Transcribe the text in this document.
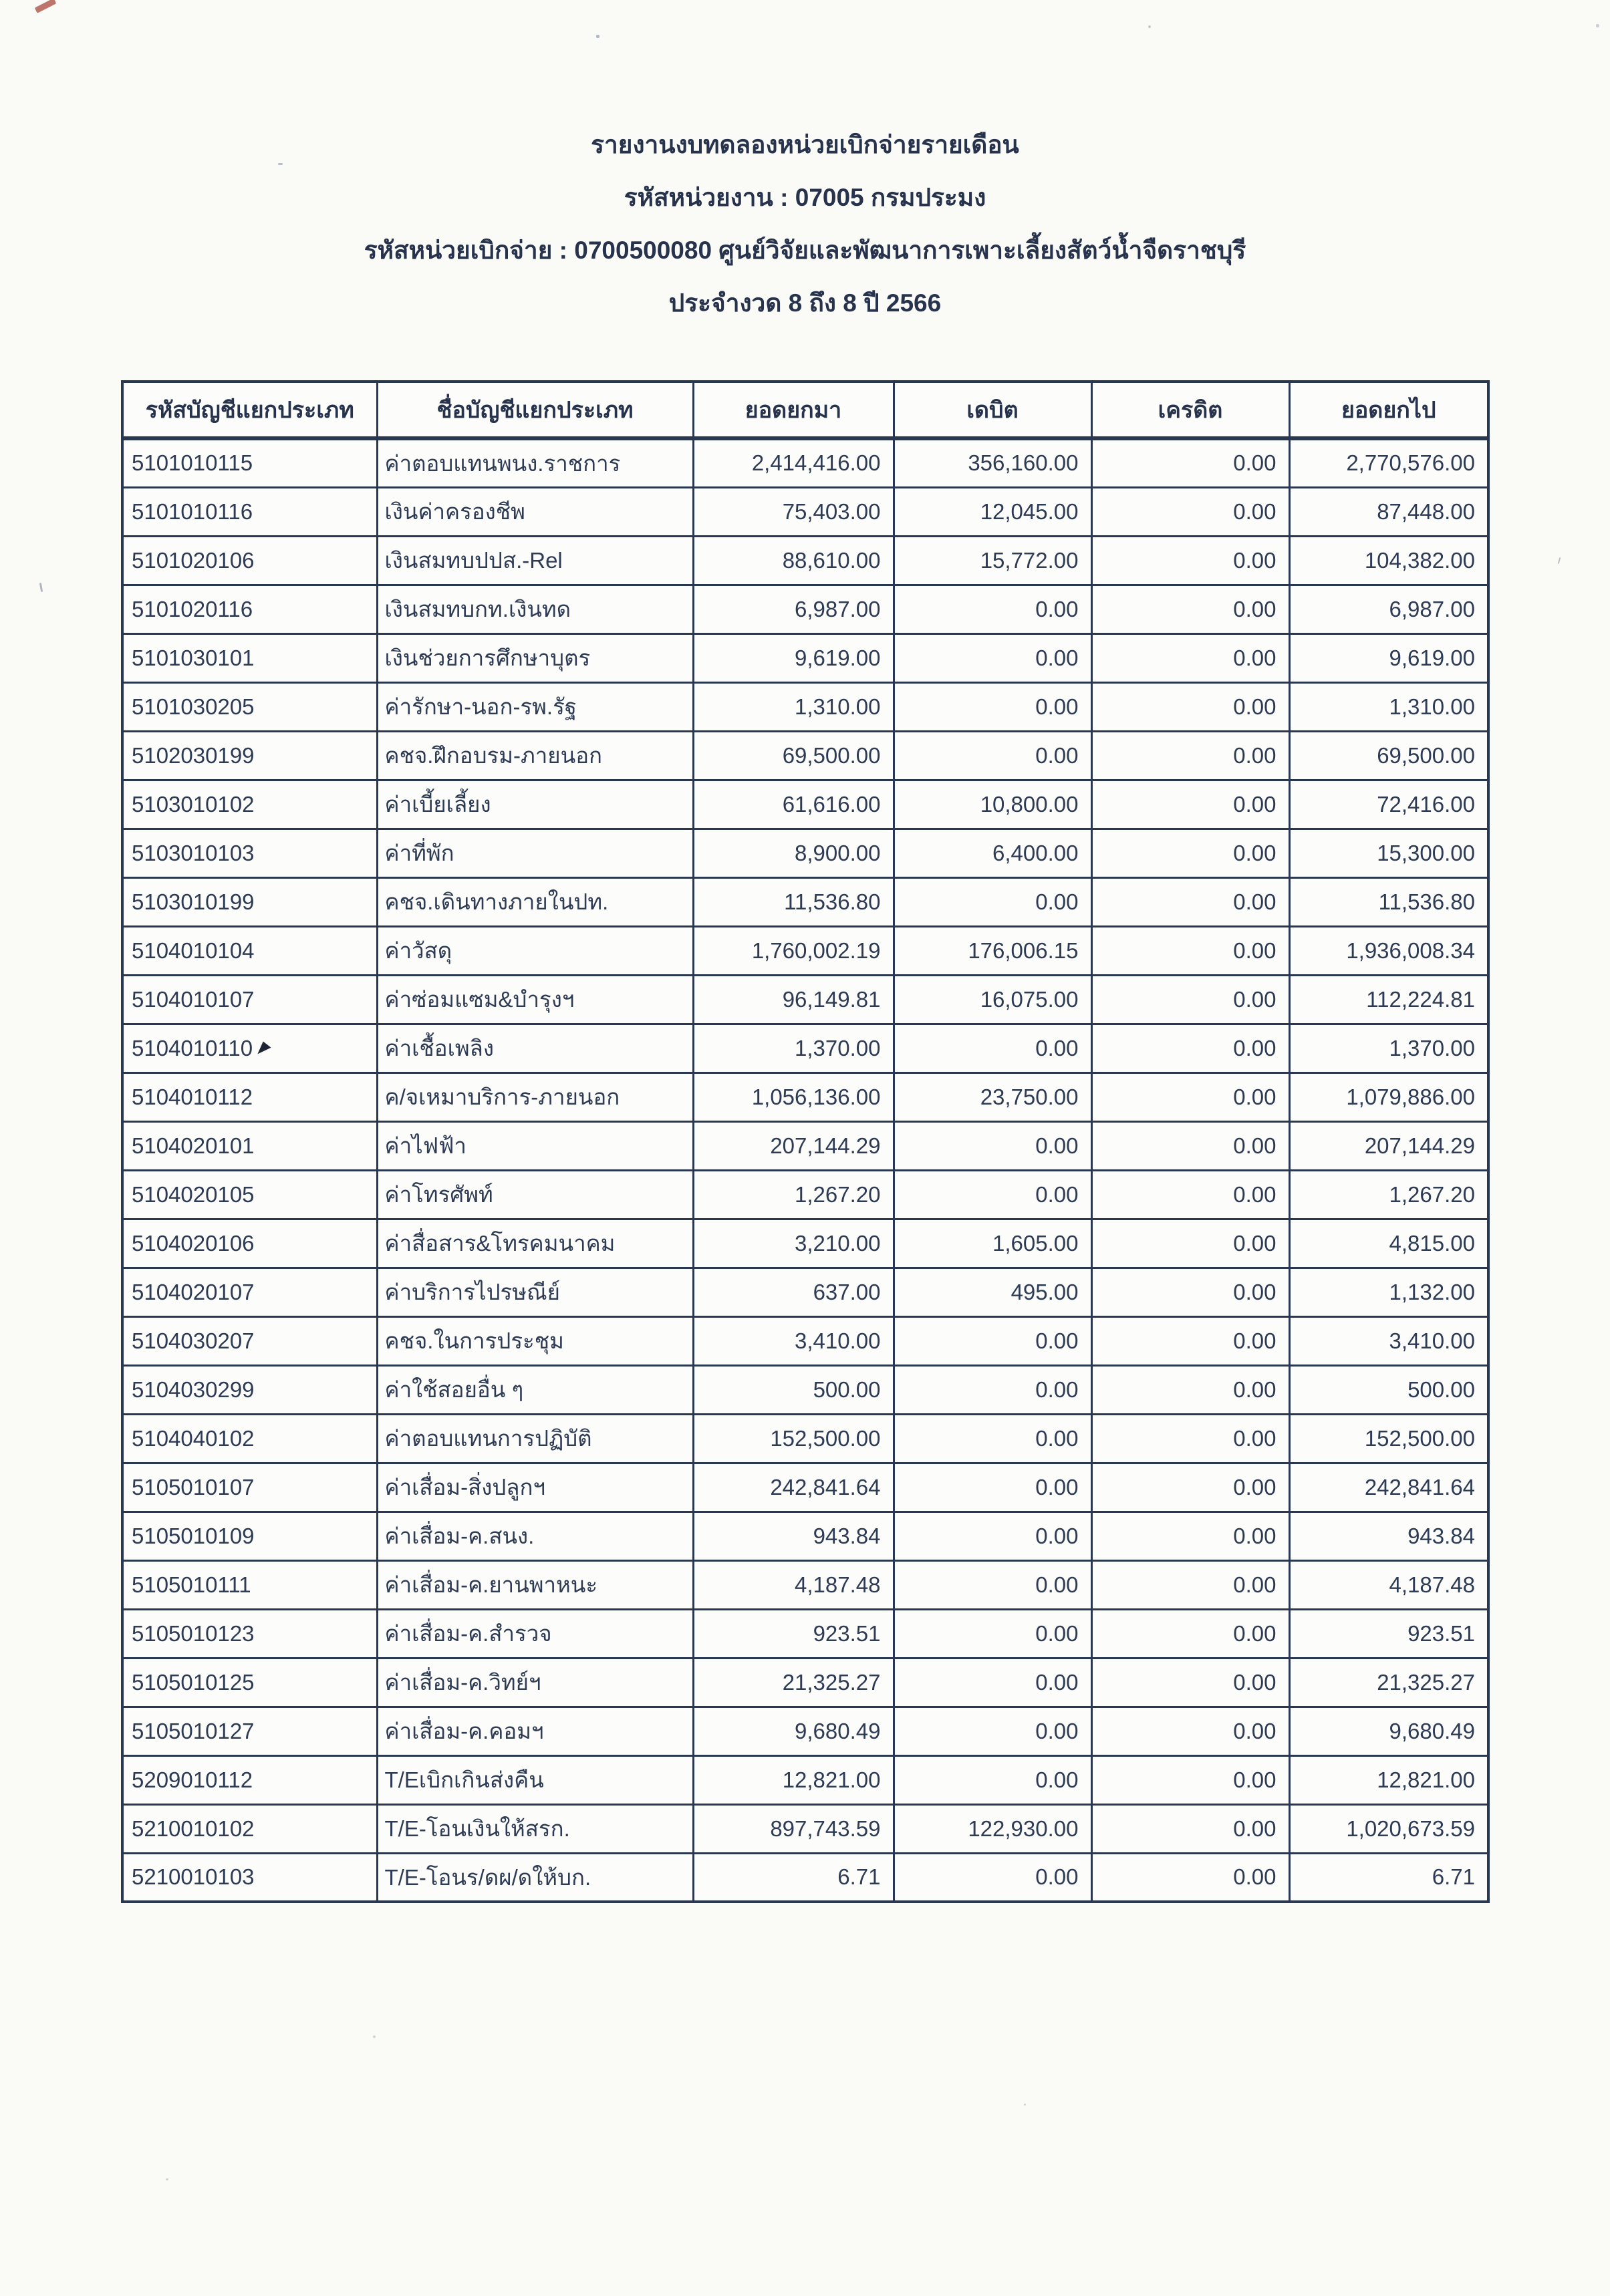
รายงานงบทดลองหน่วยเบิกจ่ายรายเดือน
รหัสหน่วยงาน : 07005 กรมประมง
รหัสหน่วยเบิกจ่าย : 0700500080 ศูนย์วิจัยและพัฒนาการเพาะเลี้ยงสัตว์น้ำจืดราชบุรี
ประจำงวด 8 ถึง 8 ปี 2566
รหัสบัญชีแยกประเภท	ชื่อบัญชีแยกประเภท	ยอดยกมา	เดบิต	เครดิต	ยอดยกไป
5101010115	ค่าตอบแทนพนง.ราชการ	2,414,416.00	356,160.00	0.00	2,770,576.00
5101010116	เงินค่าครองชีพ	75,403.00	12,045.00	0.00	87,448.00
5101020106	เงินสมทบปปส.-Rel	88,610.00	15,772.00	0.00	104,382.00
5101020116	เงินสมทบกท.เงินทด	6,987.00	0.00	0.00	6,987.00
5101030101	เงินช่วยการศึกษาบุตร	9,619.00	0.00	0.00	9,619.00
5101030205	ค่ารักษา-นอก-รพ.รัฐ	1,310.00	0.00	0.00	1,310.00
5102030199	คชจ.ฝึกอบรม-ภายนอก	69,500.00	0.00	0.00	69,500.00
5103010102	ค่าเบี้ยเลี้ยง	61,616.00	10,800.00	0.00	72,416.00
5103010103	ค่าที่พัก	8,900.00	6,400.00	0.00	15,300.00
5103010199	คชจ.เดินทางภายในปท.	11,536.80	0.00	0.00	11,536.80
5104010104	ค่าวัสดุ	1,760,002.19	176,006.15	0.00	1,936,008.34
5104010107	ค่าซ่อมแซม&บำรุงฯ	96,149.81	16,075.00	0.00	112,224.81
5104010110	ค่าเชื้อเพลิง	1,370.00	0.00	0.00	1,370.00
5104010112	ค/จเหมาบริการ-ภายนอก	1,056,136.00	23,750.00	0.00	1,079,886.00
5104020101	ค่าไฟฟ้า	207,144.29	0.00	0.00	207,144.29
5104020105	ค่าโทรศัพท์	1,267.20	0.00	0.00	1,267.20
5104020106	ค่าสื่อสาร&โทรคมนาคม	3,210.00	1,605.00	0.00	4,815.00
5104020107	ค่าบริการไปรษณีย์	637.00	495.00	0.00	1,132.00
5104030207	คชจ.ในการประชุม	3,410.00	0.00	0.00	3,410.00
5104030299	ค่าใช้สอยอื่น ๆ	500.00	0.00	0.00	500.00
5104040102	ค่าตอบแทนการปฏิบัติ	152,500.00	0.00	0.00	152,500.00
5105010107	ค่าเสื่อม-สิ่งปลูกฯ	242,841.64	0.00	0.00	242,841.64
5105010109	ค่าเสื่อม-ค.สนง.	943.84	0.00	0.00	943.84
5105010111	ค่าเสื่อม-ค.ยานพาหนะ	4,187.48	0.00	0.00	4,187.48
5105010123	ค่าเสื่อม-ค.สำรวจ	923.51	0.00	0.00	923.51
5105010125	ค่าเสื่อม-ค.วิทย์ฯ	21,325.27	0.00	0.00	21,325.27
5105010127	ค่าเสื่อม-ค.คอมฯ	9,680.49	0.00	0.00	9,680.49
5209010112	T/Eเบิกเกินส่งคืน	12,821.00	0.00	0.00	12,821.00
5210010102	T/E-โอนเงินให้สรก.	897,743.59	122,930.00	0.00	1,020,673.59
5210010103	T/E-โอนร/ดผ/ดให้บก.	6.71	0.00	0.00	6.71
